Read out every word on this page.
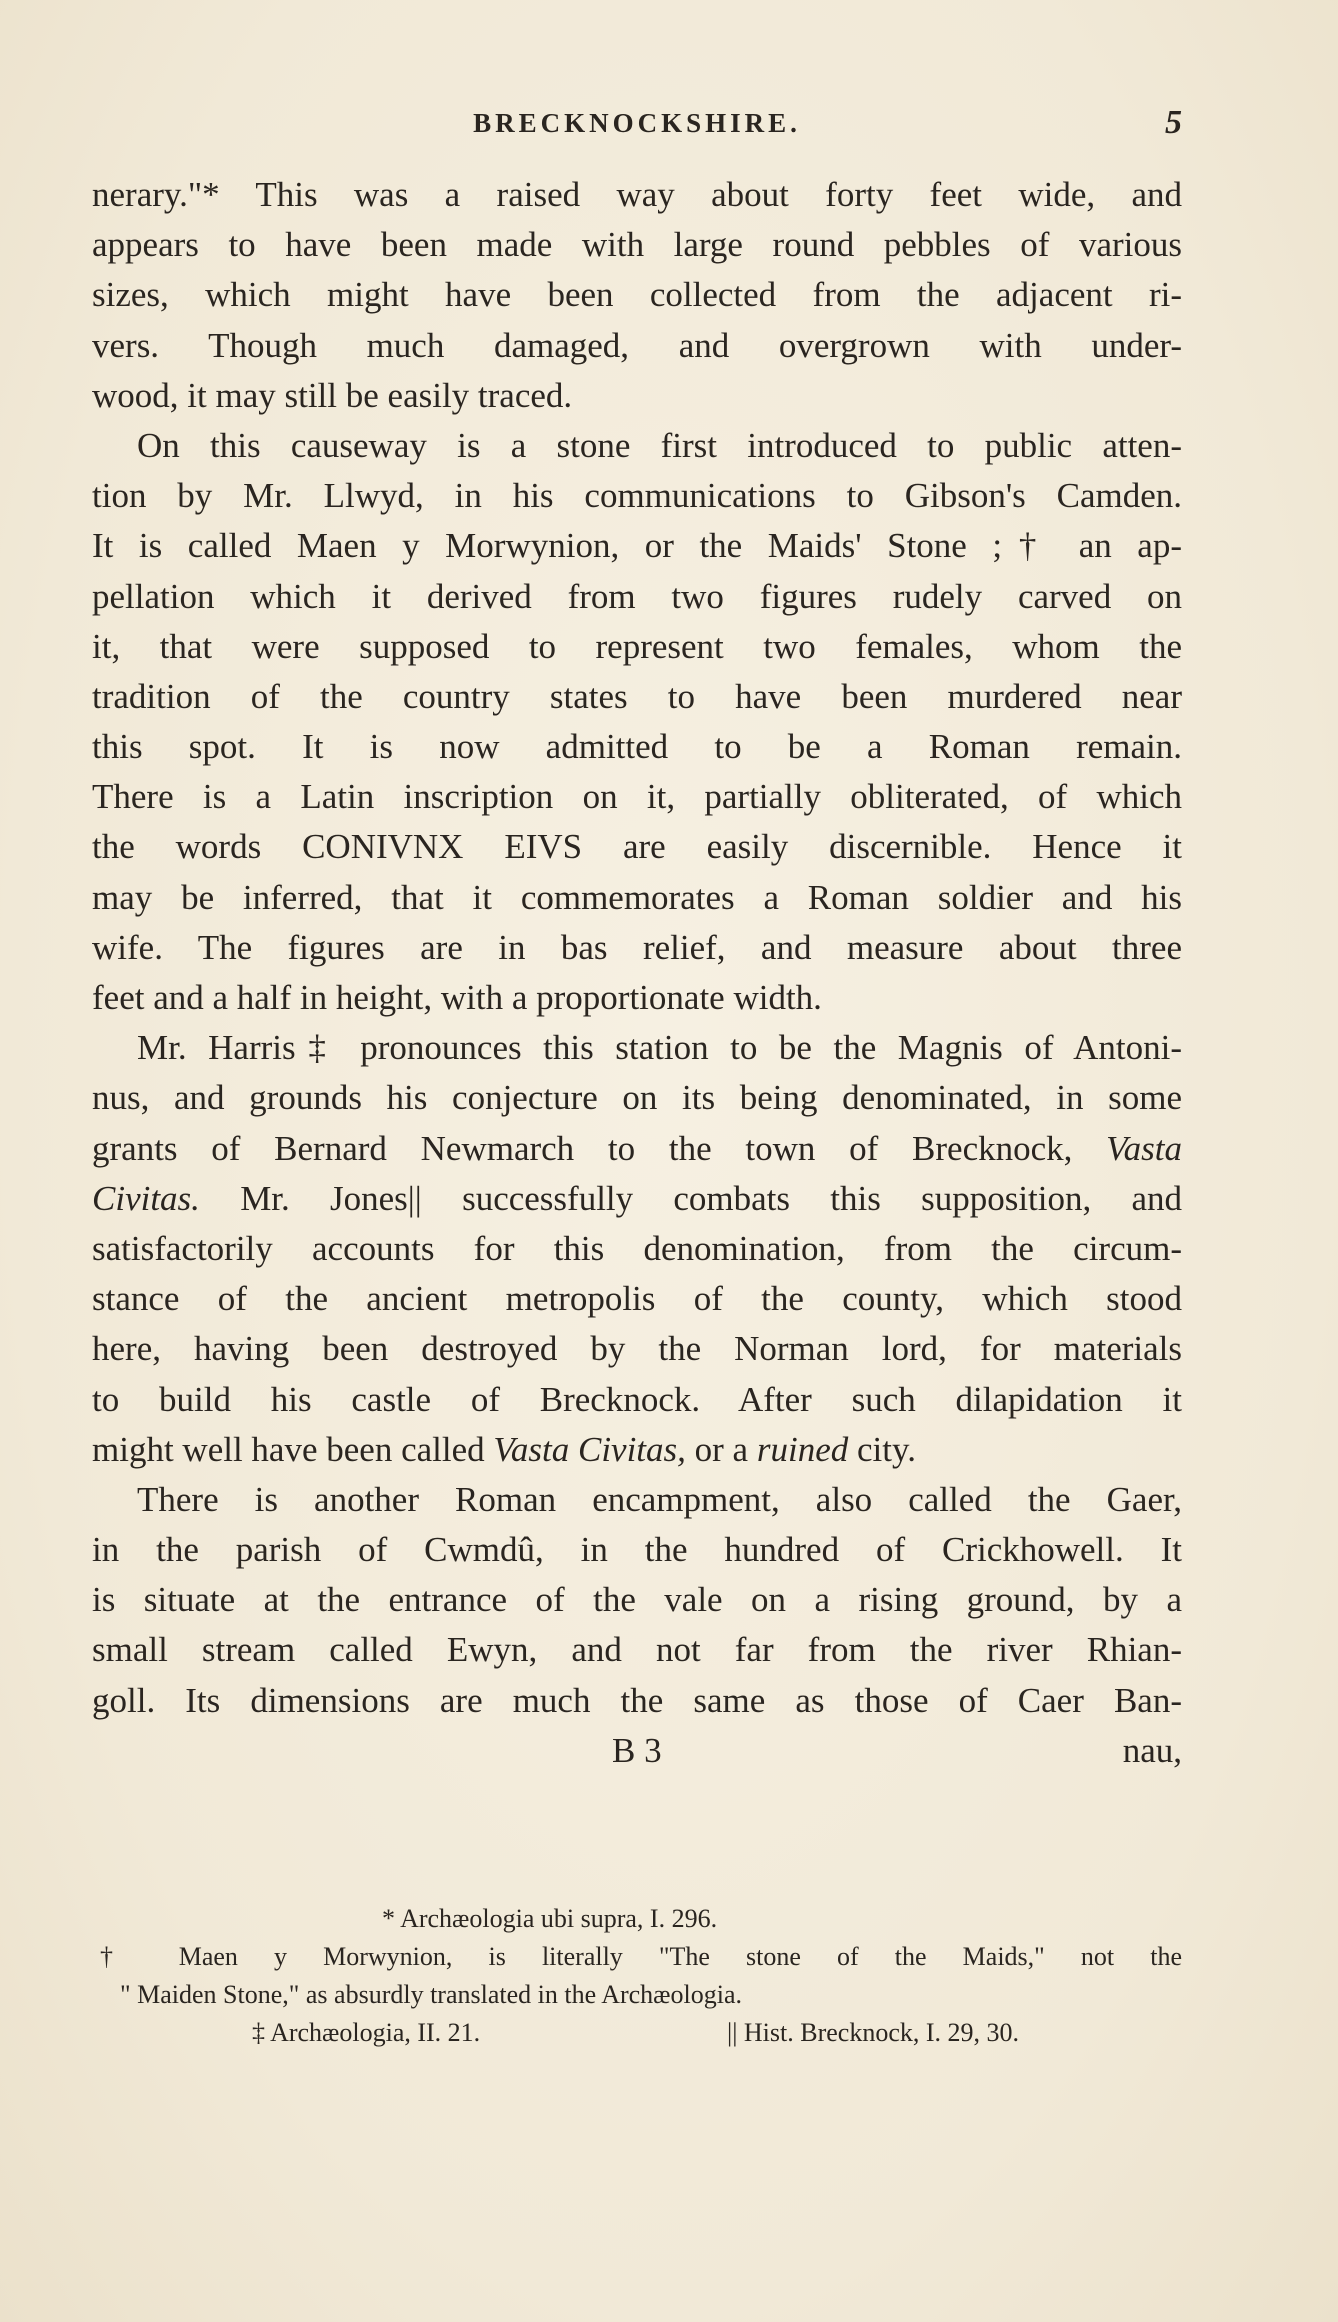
BRECKNOCKSHIRE.	5
nerary."* This was a raised way about forty feet wide, and
appears to have been made with large round pebbles of various
sizes, which might have been collected from the adjacent ri-
vers. Though much damaged, and overgrown with under-
wood, it may still be easily traced.
On this causeway is a stone first introduced to public atten-
tion by Mr. Llwyd, in his communications to Gibson's Camden.
It is called Maen y Morwynion, or the Maids' Stone ;† an ap-
pellation which it derived from two figures rudely carved on
it, that were supposed to represent two females, whom the
tradition of the country states to have been murdered near
this spot. It is now admitted to be a Roman remain.
There is a Latin inscription on it, partially obliterated, of which
the words CONIVNX EIVS are easily discernible. Hence it
may be inferred, that it commemorates a Roman soldier and his
wife. The figures are in bas relief, and measure about three
feet and a half in height, with a proportionate width.
Mr. Harris‡ pronounces this station to be the Magnis of Antoni-
nus, and grounds his conjecture on its being denominated, in some
grants of Bernard Newmarch to the town of Brecknock, Vasta
Civitas. Mr. Jones|| successfully combats this supposition, and
satisfactorily accounts for this denomination, from the circum-
stance of the ancient metropolis of the county, which stood
here, having been destroyed by the Norman lord, for materials
to build his castle of Brecknock. After such dilapidation it
might well have been called Vasta Civitas, or a ruined city.
There is another Roman encampment, also called the Gaer,
in the parish of Cwmdû, in the hundred of Crickhowell. It
is situate at the entrance of the vale on a rising ground, by a
small stream called Ewyn, and not far from the river Rhian-
goll. Its dimensions are much the same as those of Caer Ban-
B 3	nau,
* Archæologia ubi supra, I. 296.
† Maen y Morwynion, is literally "The stone of the Maids," not the
" Maiden Stone," as absurdly translated in the Archæologia.
‡ Archæologia, II. 21.	|| Hist. Brecknock, I. 29, 30.
